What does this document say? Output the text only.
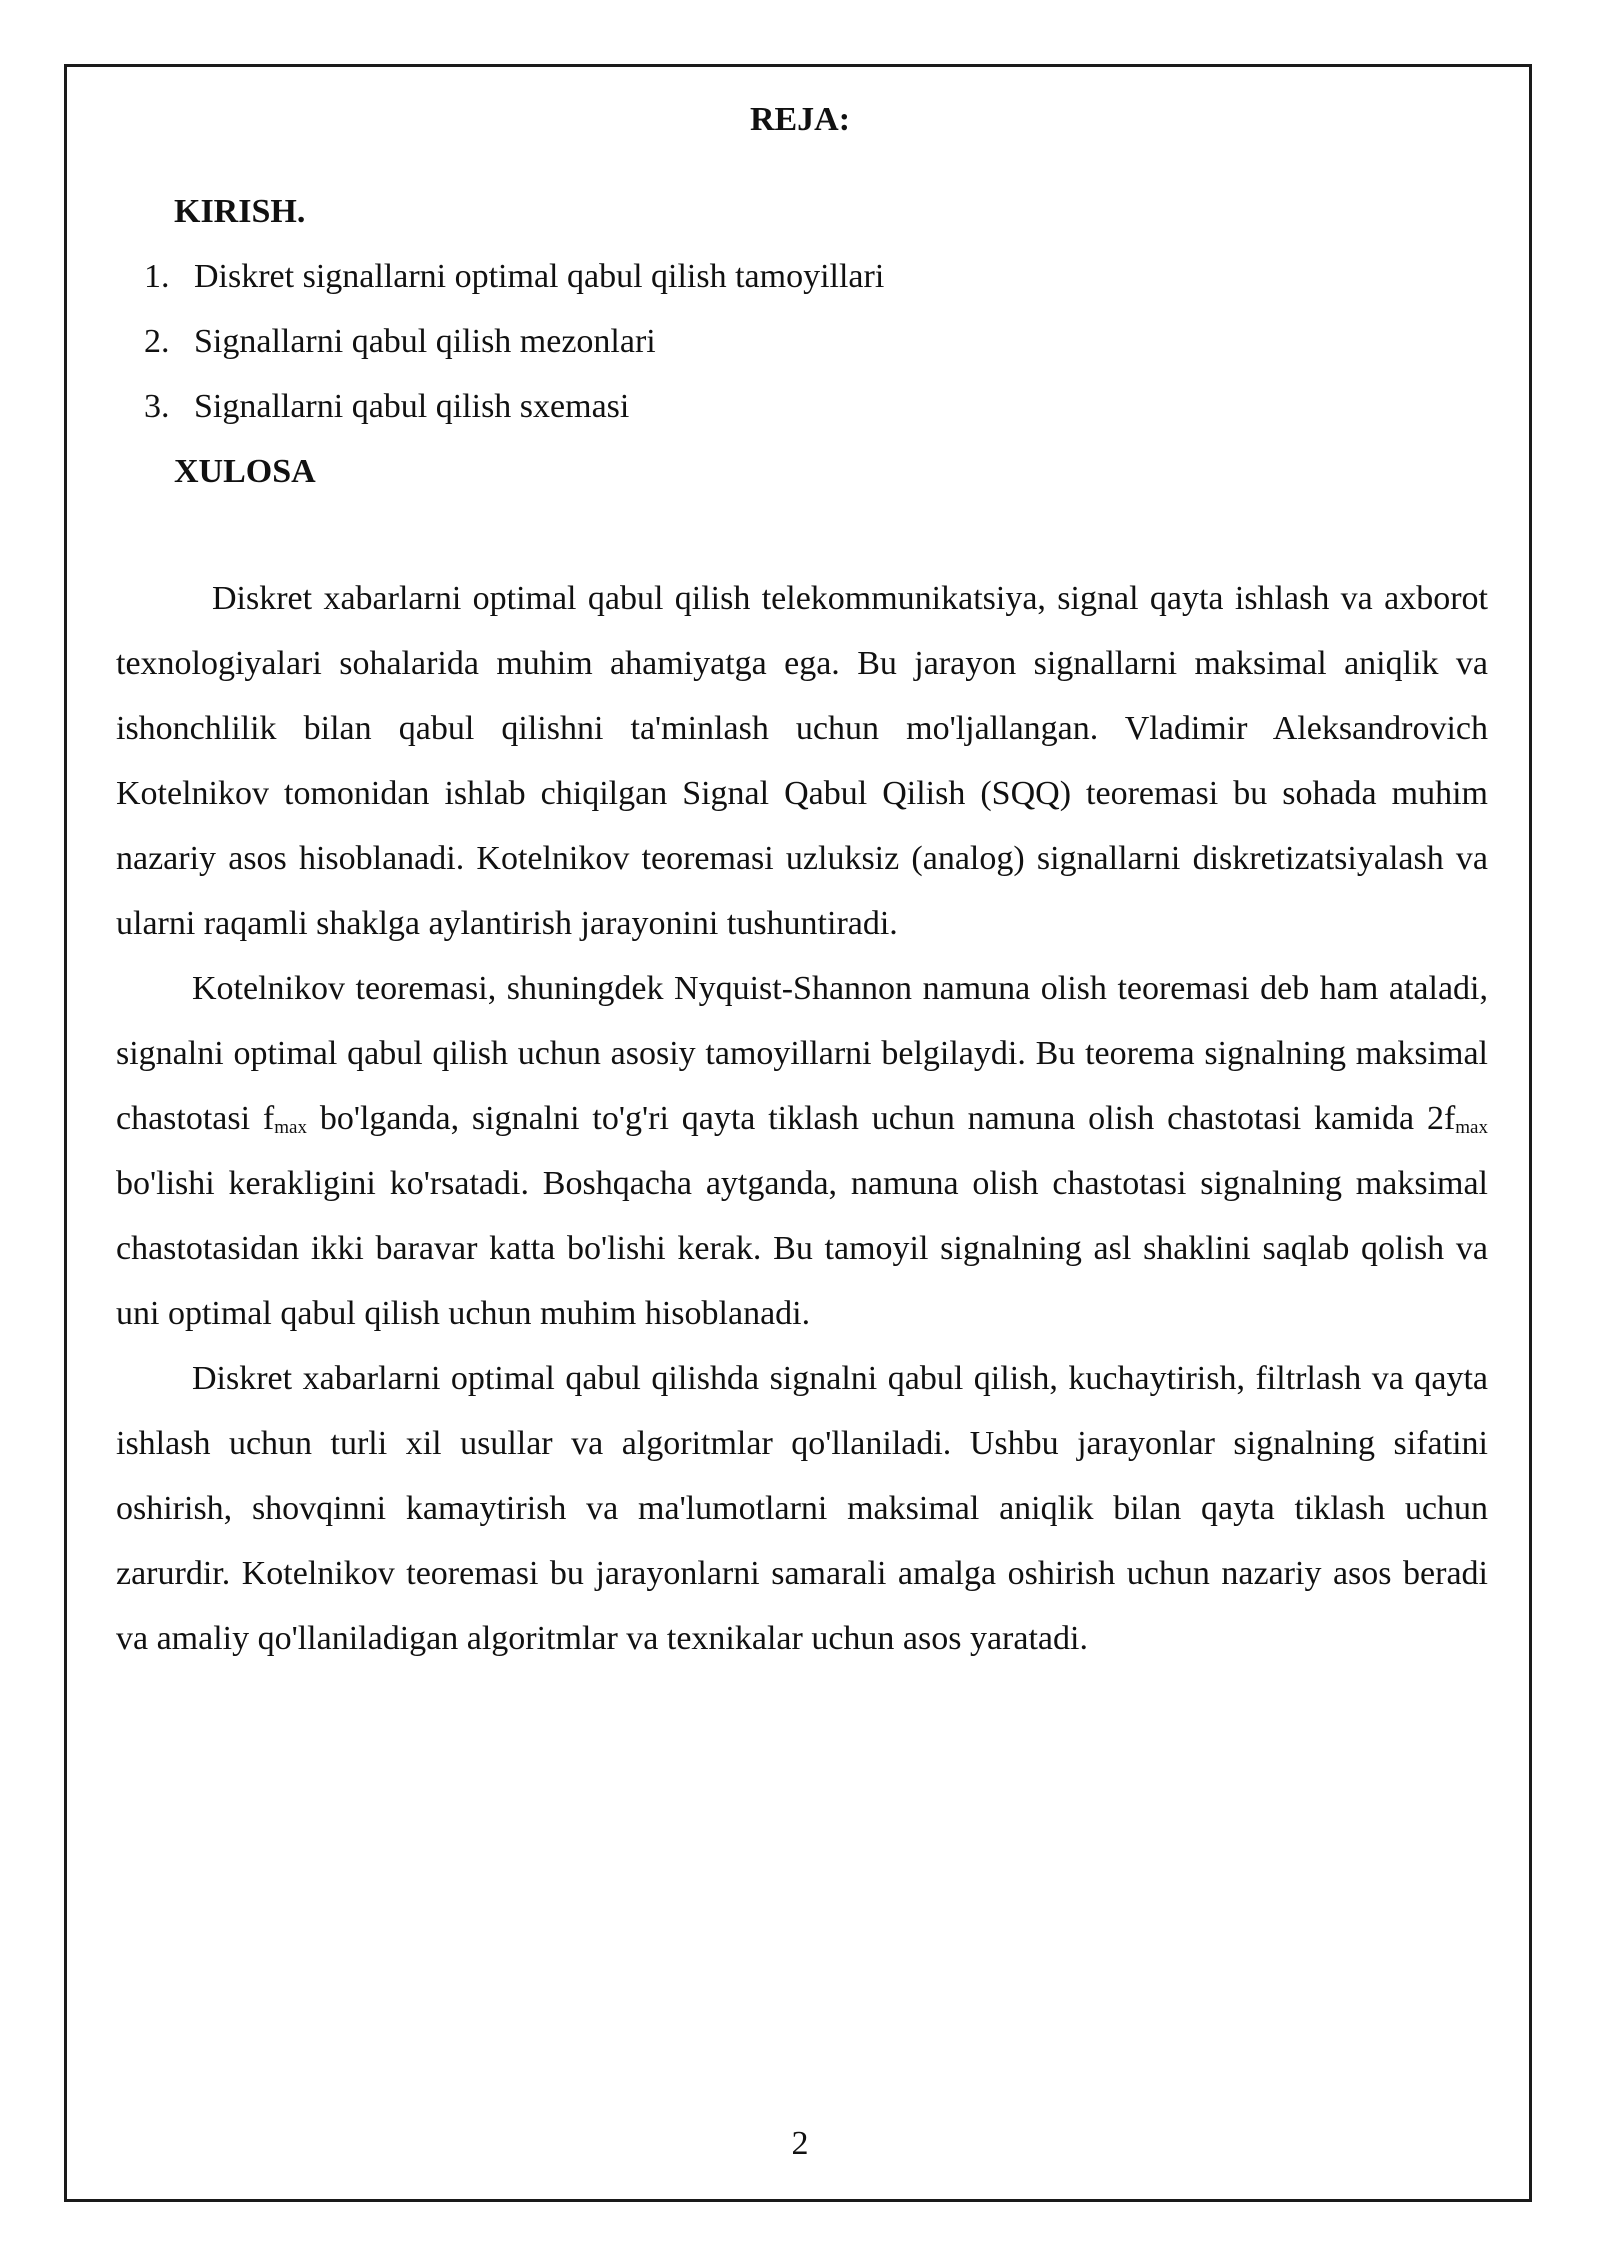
REJA:
KIRISH.
1. Diskret signallarni optimal qabul qilish tamoyillari
2. Signallarni qabul qilish mezonlari
3. Signallarni qabul qilish sxemasi
XULOSA

Diskret xabarlarni optimal qabul qilish telekommunikatsiya, signal qayta ishlash va axborot texnologiyalari sohalarida muhim ahamiyatga ega. Bu jarayon signallarni maksimal aniqlik va ishonchlilik bilan qabul qilishni ta'minlash uchun mo'ljallangan. Vladimir Aleksandrovich Kotelnikov tomonidan ishlab chiqilgan Signal Qabul Qilish (SQQ) teoremasi bu sohada muhim nazariy asos hisoblanadi. Kotelnikov teoremasi uzluksiz (analog) signallarni diskretizatsiyalash va ularni raqamli shaklga aylantirish jarayonini tushuntiradi.

Kotelnikov teoremasi, shuningdek Nyquist-Shannon namuna olish teoremasi deb ham ataladi, signalni optimal qabul qilish uchun asosiy tamoyillarni belgilaydi. Bu teorema signalning maksimal chastotasi $f_{max}$ bo'lganda, signalni to'g'ri qayta tiklash uchun namuna olish chastotasi kamida $2f_{max}$ bo'lishi kerakligini ko'rsatadi. Boshqacha aytganda, namuna olish chastotasi signalning maksimal chastotasidan ikki baravar katta bo'lishi kerak. Bu tamoyil signalning asl shaklini saqlab qolish va uni optimal qabul qilish uchun muhim hisoblanadi.

Diskret xabarlarni optimal qabul qilishda signalni qabul qilish, kuchaytirish, filtrlash va qayta ishlash uchun turli xil usullar va algoritmlar qo'llaniladi. Ushbu jarayonlar signalning sifatini oshirish, shovqinni kamaytirish va ma'lumotlarni maksimal aniqlik bilan qayta tiklash uchun zarurdir. Kotelnikov teoremasi bu jarayonlarni samarali amalga oshirish uchun nazariy asos beradi va amaliy qo'llaniladigan algoritmlar va texnikalar uchun asos yaratadi.

2
